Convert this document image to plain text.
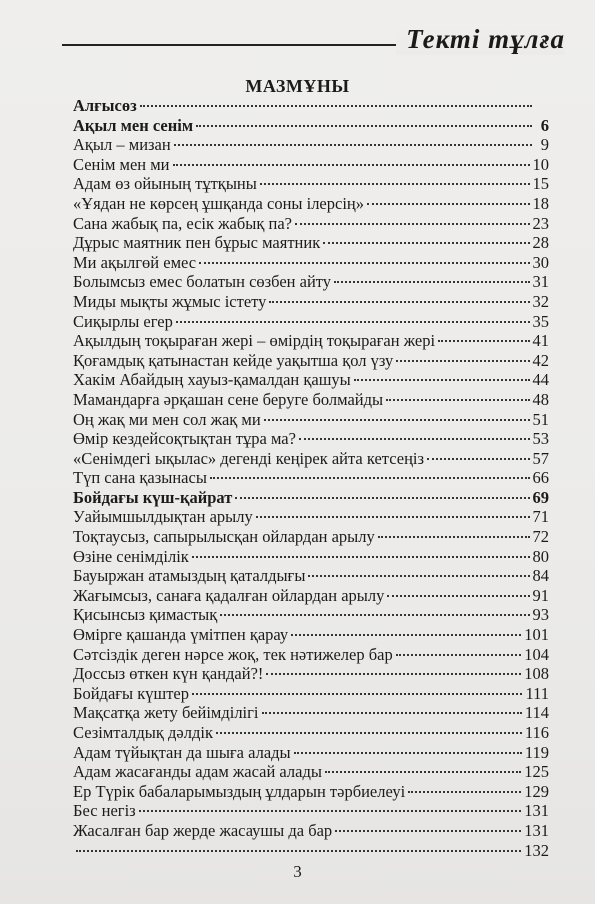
Тектi тұлға
МАЗМҰНЫ
Алғысөз
Ақыл мен сенім	6
Ақыл – мизан	9
Сенім мен ми	10
Адам өз ойының тұтқыны	15
«Ұядан не көрсең ұшқанда соны ілерсің»	18
Сана жабық па, есік жабық па?	23
Дұрыс маятник пен бұрыс маятник	28
Ми ақылгөй емес	30
Болымсыз емес болатын сөзбен айту	31
Миды мықты жұмыс істету	32
Сиқырлы егер	35
Ақылдың тоқыраған жері – өмірдің тоқыраған жері	41
Қоғамдық қатынастан кейде уақытша қол үзу	42
Хакім Абайдың хауыз-қамалдан қашуы	44
Мамандарға әрқашан сене беруге болмайды	48
Оң жақ ми мен сол жақ ми	51
Өмір кездейсоқтықтан тұра ма?	53
«Сенімдегі ықылас» дегенді кеңірек айта кетсеңіз	57
Түп сана қазынасы	66
Бойдағы күш-қайрат	69
Уайымшылдықтан арылу	71
Тоқтаусыз, сапырылысқан ойлардан арылу	72
Өзіне сенімділік	80
Бауыржан атамыздың қаталдығы	84
Жағымсыз, санаға қадалған ойлардан арылу	91
Қисынсыз қимастық	93
Өмірге қашанда үмітпен қарау	101
Сәтсіздік деген нәрсе жоқ, тек нәтижелер бар	104
Доссыз өткен күн қандай?!	108
Бойдағы күштер	111
Мақсатқа жету бейімділігі	114
Сезімталдық дәлдік	116
Адам түйықтан да шыға алады	119
Адам жасағанды адам жасай алады	125
Ер Түрік бабаларымыздың ұлдарын тәрбиелеуі	129
Бес негіз	131
Жасалған бар жерде жасаушы да бар	131
132
3
